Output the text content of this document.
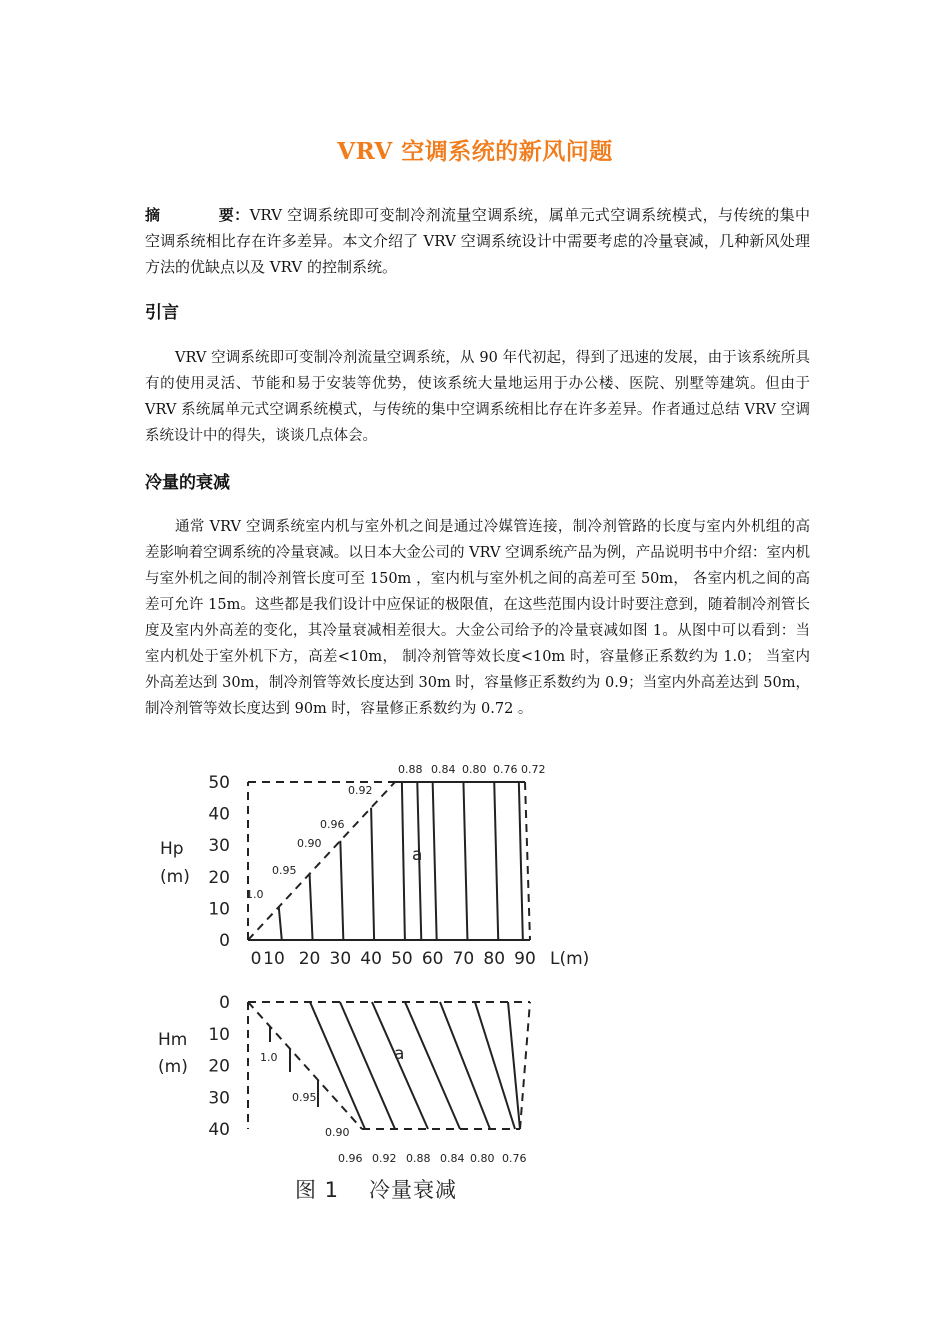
VRV 空调系统的新风问题
摘	要：VRV 空调系统即可变制冷剂流量空调系统，属单元式空调系统模式，与传统的集中空调系统相比存在许多差异。本文介绍了 VRV 空调系统设计中需要考虑的冷量衰减，几种新风处理方法的优缺点以及 VRV 的控制系统。
引言
VRV 空调系统即可变制冷剂流量空调系统，从 90 年代初起，得到了迅速的发展，由于该系统所具有的使用灵活、节能和易于安装等优势，使该系统大量地运用于办公楼、医院、别墅等建筑。但由于 VRV 系统属单元式空调系统模式，与传统的集中空调系统相比存在许多差异。作者通过总结 VRV 空调系统设计中的得失，谈谈几点体会。
冷量的衰减
通常 VRV 空调系统室内机与室外机之间是通过冷媒管连接，制冷剂管路的长度与室内外机组的高差影响着空调系统的冷量衰减。以日本大金公司的 VRV 空调系统产品为例，产品说明书中介绍：室内机与室外机之间的制冷剂管长度可至 150m ，室内机与室外机之间的高差可至 50m， 各室内机之间的高差可允许 15m。这些都是我们设计中应保证的极限值，在这些范围内设计时要注意到，随着制冷剂管长度及室内外高差的变化，其冷量衰减相差很大。大金公司给予的冷量衰减如图 1。从图中可以看到：当室内机处于室外机下方，高差<10m， 制冷剂管等效长度<10m 时，容量修正系数约为 1.0； 当室内外高差达到 30m，制冷剂管等效长度达到 30m 时，容量修正系数约为 0.9；当室内外高差达到 50m，制冷剂管等效长度达到 90m 时，容量修正系数约为 0.72 。
0
10
20
30
40
50
0 10 20 30 40 50 60 70 80 90
Hp
(m)
L(m)
a
1.0
0.95
0.90
0.96
0.92
0.88 0.84 0.80 0.76 0.72
0
10
20
30
40
Hm
(m)
a
1.0
0.95
0.90
0.96 0.92 0.88 0.84 0.80 0.76
图 1 冷量衰减
